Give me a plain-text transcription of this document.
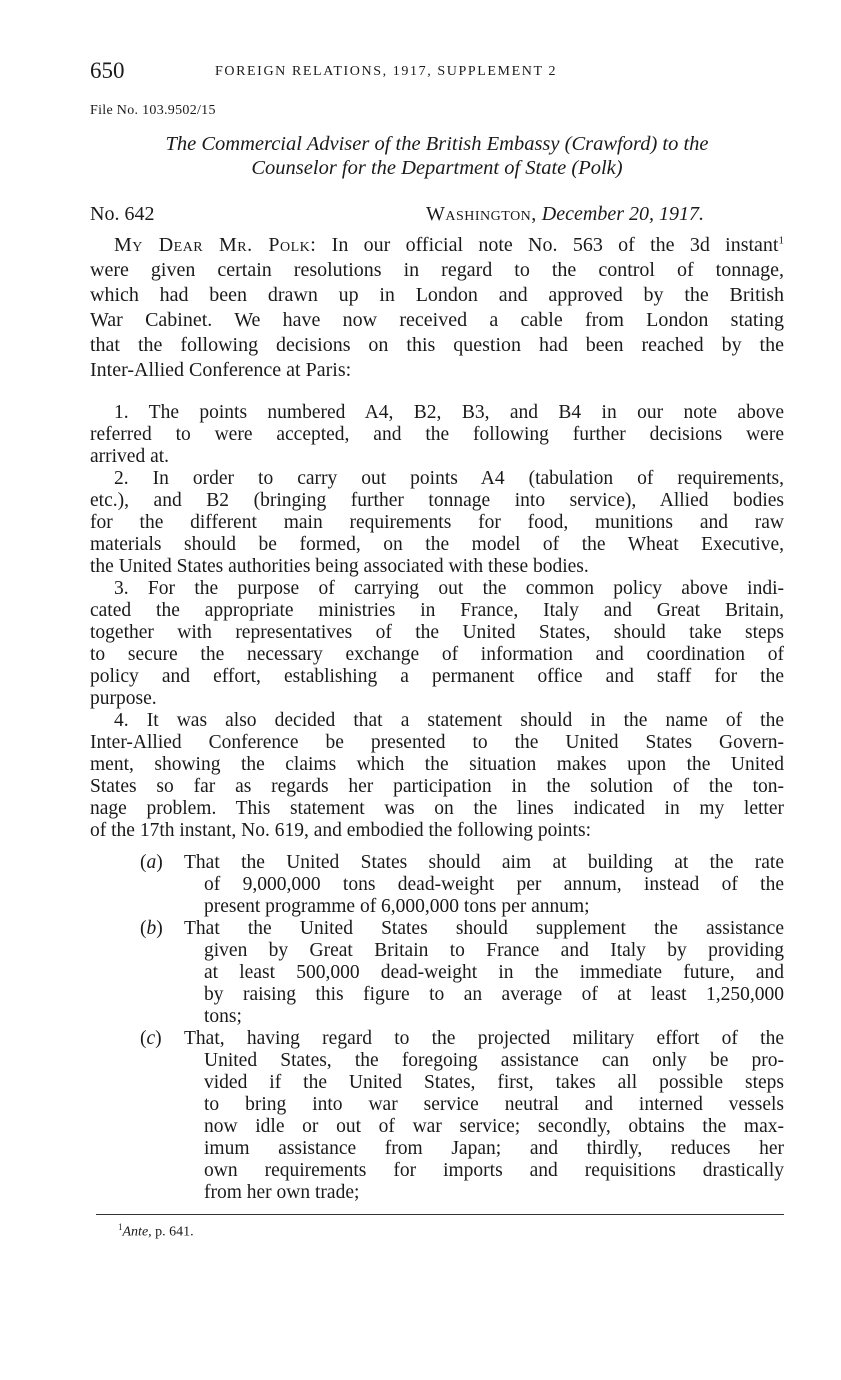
650	FOREIGN RELATIONS, 1917, SUPPLEMENT 2
File No. 103.9502/15
The Commercial Adviser of the British Embassy (Crawford) to the
Counselor for the Department of State (Polk)
No. 642	Washington, December 20, 1917.

My Dear Mr. Polk: In our official note No. 563 of the 3d instant$^1$
were given certain resolutions in regard to the control of tonnage,
which had been drawn up in London and approved by the British
War Cabinet. We have now received a cable from London stating
that the following decisions on this question had been reached by the
Inter-Allied Conference at Paris:

1. The points numbered A4, B2, B3, and B4 in our note above
referred to were accepted, and the following further decisions were
arrived at.
2. In order to carry out points A4 (tabulation of requirements,
etc.), and B2 (bringing further tonnage into service), Allied bodies
for the different main requirements for food, munitions and raw
materials should be formed, on the model of the Wheat Executive,
the United States authorities being associated with these bodies.
3. For the purpose of carrying out the common policy above indi-
cated the appropriate ministries in France, Italy and Great Britain,
together with representatives of the United States, should take steps
to secure the necessary exchange of information and coordination of
policy and effort, establishing a permanent office and staff for the
purpose.
4. It was also decided that a statement should in the name of the
Inter-Allied Conference be presented to the United States Govern-
ment, showing the claims which the situation makes upon the United
States so far as regards her participation in the solution of the ton-
nage problem. This statement was on the lines indicated in my letter
of the 17th instant, No. 619, and embodied the following points:
(a)	That the United States should aim at building at the rate
of 9,000,000 tons dead-weight per annum, instead of the
present programme of 6,000,000 tons per annum;
(b)	That the United States should supplement the assistance
given by Great Britain to France and Italy by providing
at least 500,000 dead-weight in the immediate future, and
by raising this figure to an average of at least 1,250,000
tons;
(c)	That, having regard to the projected military effort of the
United States, the foregoing assistance can only be pro-
vided if the United States, first, takes all possible steps
to bring into war service neutral and interned vessels
now idle or out of war service; secondly, obtains the max-
imum assistance from Japan; and thirdly, reduces her
own requirements for imports and requisitions drastically
from her own trade;
$^1$Ante, p. 641.
